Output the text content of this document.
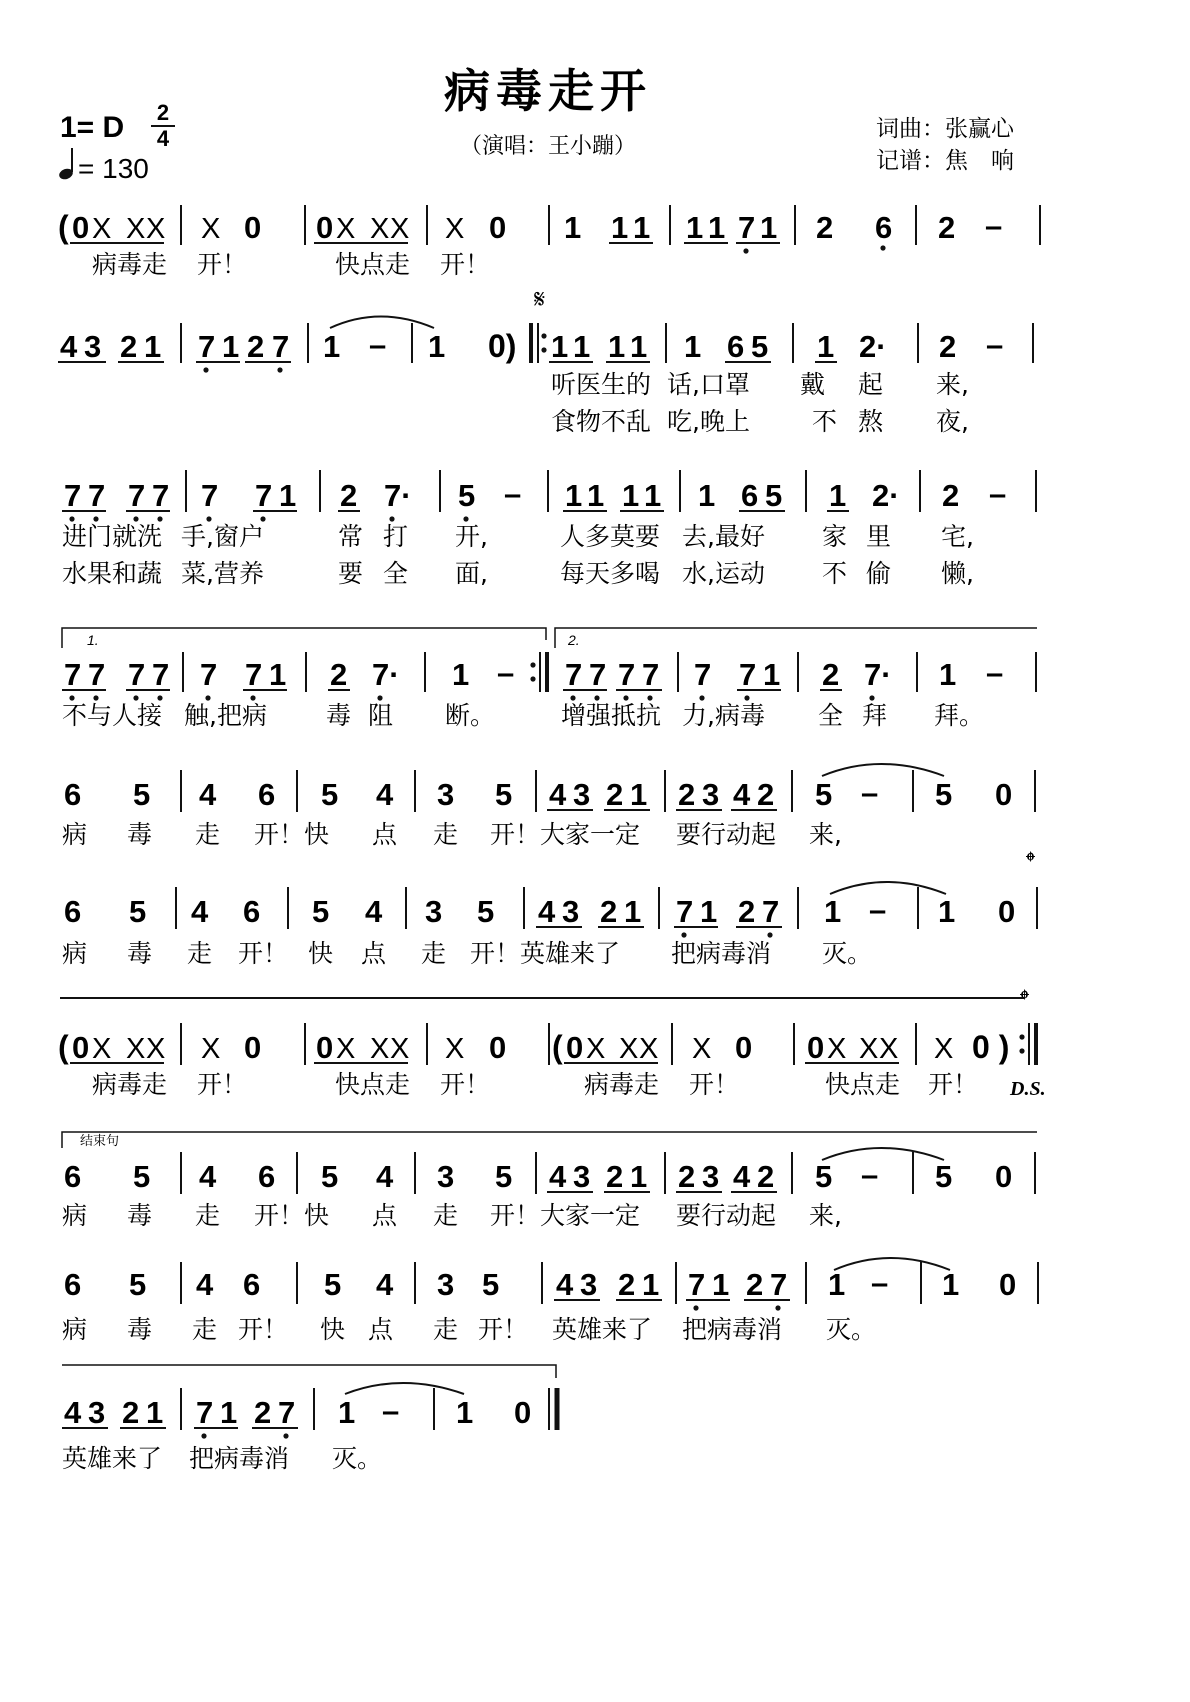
病毒走开
（演唱：王小蹦）
词曲：张赢心
记谱：焦　响
1= D 2
4
= 130
( 0 X X X X 0 0 X X X X 0 1 1 1 1 1 7 1 2 6 2 –
4 3 2 1 7 1 2 7 1 – 1 0)
𝄋
1 1 1 1 1 6 5 1 2· 2 –
7 7 7 7 7 7 1 2 7· 5 – 1 1 1 1 1 6 5 1 2· 2 –
1.	2.
7 7 7 7 7 7 1 2 7· 1 – 7 7 7 7 7 7 1 2 7· 1 –
6 5 4 6 5 4 3 5 4 3 2 1 2 3 4 2 5 – 5 0
𝄌
6 5 4 6 5 4 3 5 4 3 2 1 7 1 2 7 1 – 1 0
𝄌
( 0 X X X X 0 0 X X X X 0 ( 0 X X X X 0 0 X X X X 0 )
D.S.
结束句
6 5 4 6 5 4 3 5 4 3 2 1 2 3 4 2 5 – 5 0
6 5 4 6 5 4 3 5 4 3 2 1 7 1 2 7 1 – 1 0
4 3 2 1 7 1 2 7 1 – 1 0
病毒走 开！	快点走 开！
听医生的 话,口罩 戴 起 来,
食物不乱 吃,晚上 不 熬 夜,
进门就洗 手,窗户	常 打 开,	人多莫要 去,最好 家 里 宅,
水果和蔬 菜,营养	要 全 面,	每天多喝 水,运动 不 偷 懒,
不与人接 触,把病 毒 阻 断。	增强抵抗 力,病毒 全 拜 拜。
病 毒 走 开！快 点 走 开！大家一定 要行动起 来,
病 毒 走 开！ 快 点 走 开！英雄来了 把病毒消 灭。
病毒走 开！	快点走 开！	病毒走 开！	快点走 开！
病 毒 走 开！快 点 走 开！大家一定 要行动起 来,
病 毒 走 开！ 快 点 走 开！ 英雄来了 把病毒消 灭。
英雄来了 把病毒消 灭。
